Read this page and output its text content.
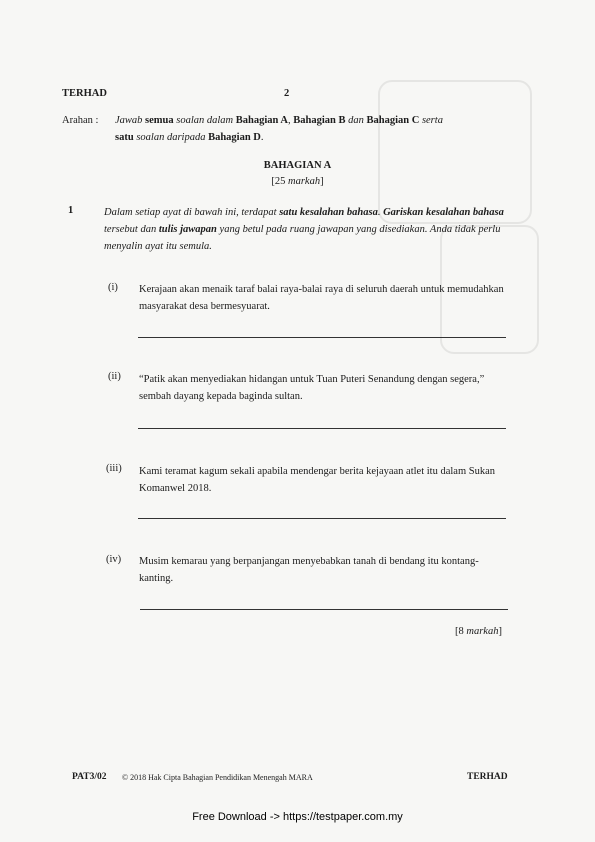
TERHAD	2
Arahan : Jawab semua soalan dalam Bahagian A, Bahagian B dan Bahagian C serta
satu soalan daripada Bahagian D.
BAHAGIAN A
[25 markah]
1	Dalam setiap ayat di bawah ini, terdapat satu kesalahan bahasa. Gariskan kesalahan bahasa tersebut dan tulis jawapan yang betul pada ruang jawapan yang disediakan. Anda tidak perlu menyalin ayat itu semula.
(i) Kerajaan akan menaik taraf balai raya-balai raya di seluruh daerah untuk memudahkan masyarakat desa bermesyuarat.
(ii) “Patik akan menyediakan hidangan untuk Tuan Puteri Senandung dengan segera,” sembah dayang kepada baginda sultan.
(iii) Kami teramat kagum sekali apabila mendengar berita kejayaan atlet itu dalam Sukan Komanwel 2018.
(iv) Musim kemarau yang berpanjangan menyebabkan tanah di bendang itu kontang-kanting.
[8 markah]
PAT3/02 © 2018 Hak Cipta Bahagian Pendidikan Menengah MARA	TERHAD
Free Download -> https://testpaper.com.my
